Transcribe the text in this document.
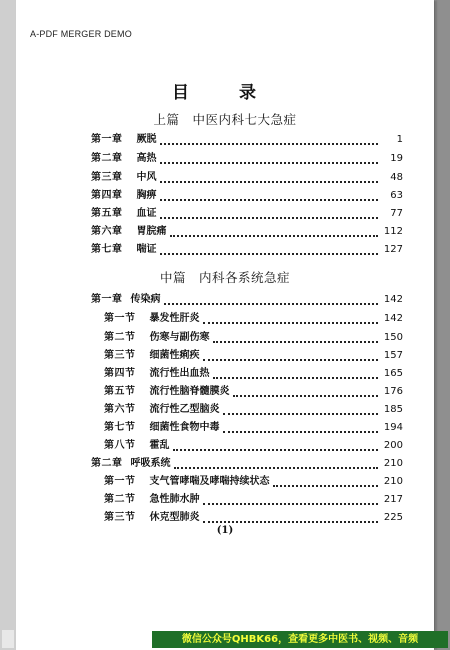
目 录
上篇　中医内科七大急症
第一章 厥脱	1
第二章 高热	19
第三章 中风	48
第四章 胸痹	63
第五章 血证	77
第六章 胃脘痛	112
第七章 喘证	127
中篇　内科各系统急症
第一章 传染病	142
第一节 暴发性肝炎	142
第二节 伤寒与副伤寒	150
第三节 细菌性痢疾	157
第四节 流行性出血热	165
第五节 流行性脑脊髓膜炎	176
第六节 流行性乙型脑炎	185
第七节 细菌性食物中毒	194
第八节 霍乱	200
第二章 呼吸系统	210
第一节 支气管哮喘及哮喘持续状态	210
第二节 急性肺水肿	217
第三节 休克型肺炎	225
(1)
A-PDF MERGER DEMO
微信公众号QHBK66，查看更多中医书、视频、音频
